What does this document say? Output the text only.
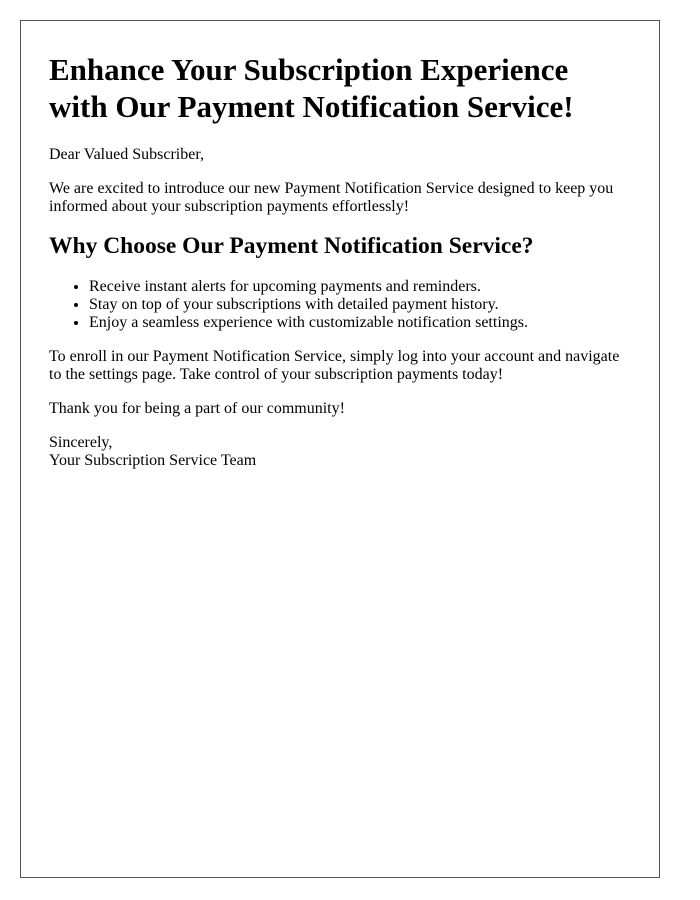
Enhance Your Subscription Experience with Our Payment Notification Service!

Dear Valued Subscriber,

We are excited to introduce our new Payment Notification Service designed to keep you informed about your subscription payments effortlessly!

Why Choose Our Payment Notification Service?
• Receive instant alerts for upcoming payments and reminders.
• Stay on top of your subscriptions with detailed payment history.
• Enjoy a seamless experience with customizable notification settings.

To enroll in our Payment Notification Service, simply log into your account and navigate to the settings page. Take control of your subscription payments today!

Thank you for being a part of our community!

Sincerely,
Your Subscription Service Team
